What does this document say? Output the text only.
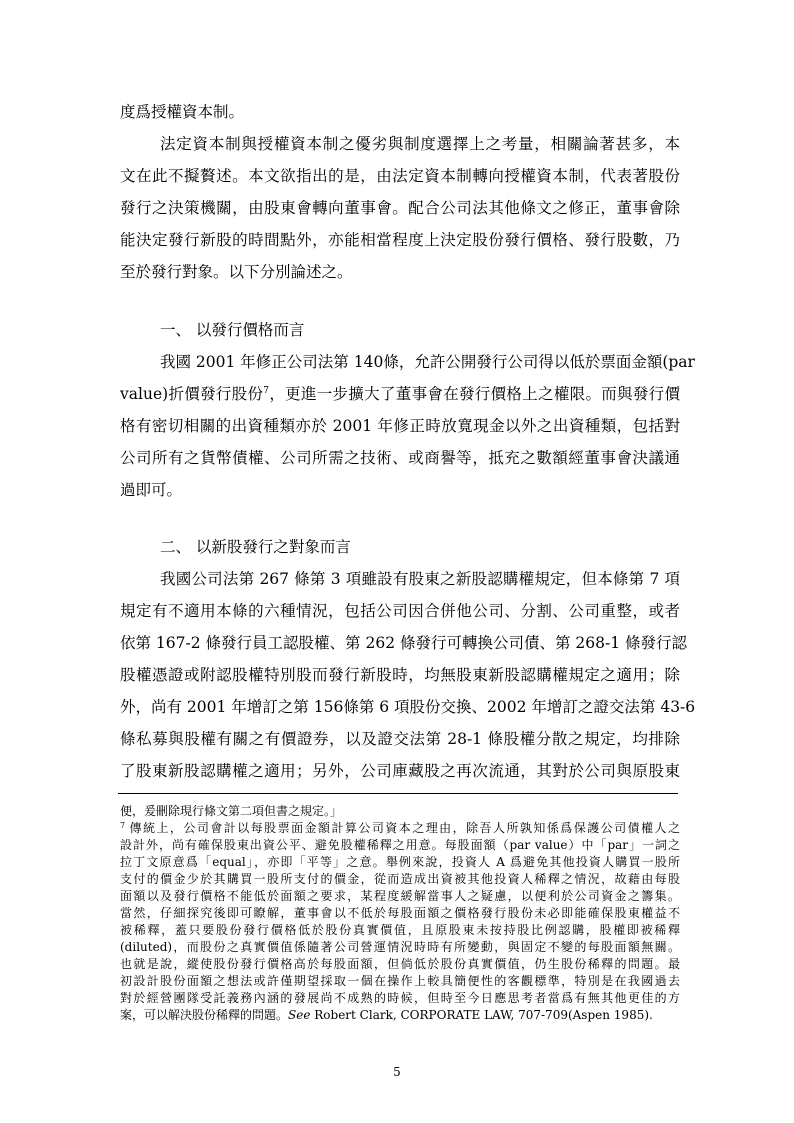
度爲授權資本制。
法定資本制與授權資本制之優劣與制度選擇上之考量，相關論著甚多，本
文在此不擬贅述。本文欲指出的是，由法定資本制轉向授權資本制，代表著股份
發行之決策機關，由股東會轉向董事會。配合公司法其他條文之修正，董事會除
能決定發行新股的時間點外，亦能相當程度上決定股份發行價格、發行股數，乃
至於發行對象。以下分別論述之。
一、 以發行價格而言
我國 2001 年修正公司法第 140條，允許公開發行公司得以低於票面金額(par
value)折價發行股份$^7$，更進一步擴大了董事會在發行價格上之權限。而與發行價
格有密切相關的出資種類亦於 2001 年修正時放寬現金以外之出資種類，包括對
公司所有之貨幣債權、公司所需之技術、或商譽等，抵充之數額經董事會決議通
過即可。
二、 以新股發行之對象而言
我國公司法第 267 條第 3 項雖設有股東之新股認購權規定，但本條第 7 項
規定有不適用本條的六種情況，包括公司因合併他公司、分割、公司重整，或者
依第 167-2 條發行員工認股權、第 262 條發行可轉換公司債、第 268-1 條發行認
股權憑證或附認股權特別股而發行新股時，均無股東新股認購權規定之適用；除
外，尚有 2001 年增訂之第 156條第 6 項股份交換、2002 年增訂之證交法第 43-6
條私募與股權有關之有價證券，以及證交法第 28-1 條股權分散之規定，均排除
了股東新股認購權之適用；另外，公司庫藏股之再次流通，其對於公司與原股東
便，爰刪除現行條文第二項但書之規定。」
$^7$ 傳統上，公司會計以每股票面金額計算公司資本之理由，除吾人所孰知係爲保護公司債權人之
設計外，尚有確保股東出資公平、避免股權稀釋之用意。每股面額（par value）中「par」一詞之
拉丁文原意爲「equal」，亦即「平等」之意。舉例來說，投資人 A 爲避免其他投資人購買一股所
支付的價金少於其購買一股所支付的價金，從而造成出資被其他投資人稀釋之情況，故藉由每股
面額以及發行價格不能低於面額之要求，某程度緩解當事人之疑慮，以便利於公司資金之籌集。
當然，仔細探究後即可瞭解，董事會以不低於每股面額之價格發行股份未必即能確保股東權益不
被稀釋，蓋只要股份發行價格低於股份真實價值，且原股東未按持股比例認購，股權即被稀釋
(diluted)，而股份之真實價值係隨著公司營運情況時時有所變動，與固定不變的每股面額無關。
也就是說，縱使股份發行價格高於每股面額，但倘低於股份真實價值，仍生股份稀釋的問題。最
初設計股份面額之想法或許僅期望採取一個在操作上較具簡便性的客觀標準，特別是在我國過去
對於經營團隊受託義務內涵的發展尚不成熟的時候，但時至今日應思考者當爲有無其他更佳的方
案，可以解決股份稀釋的問題。See Robert Clark, CORPORATE LAW, 707-709(Aspen 1985).
5
